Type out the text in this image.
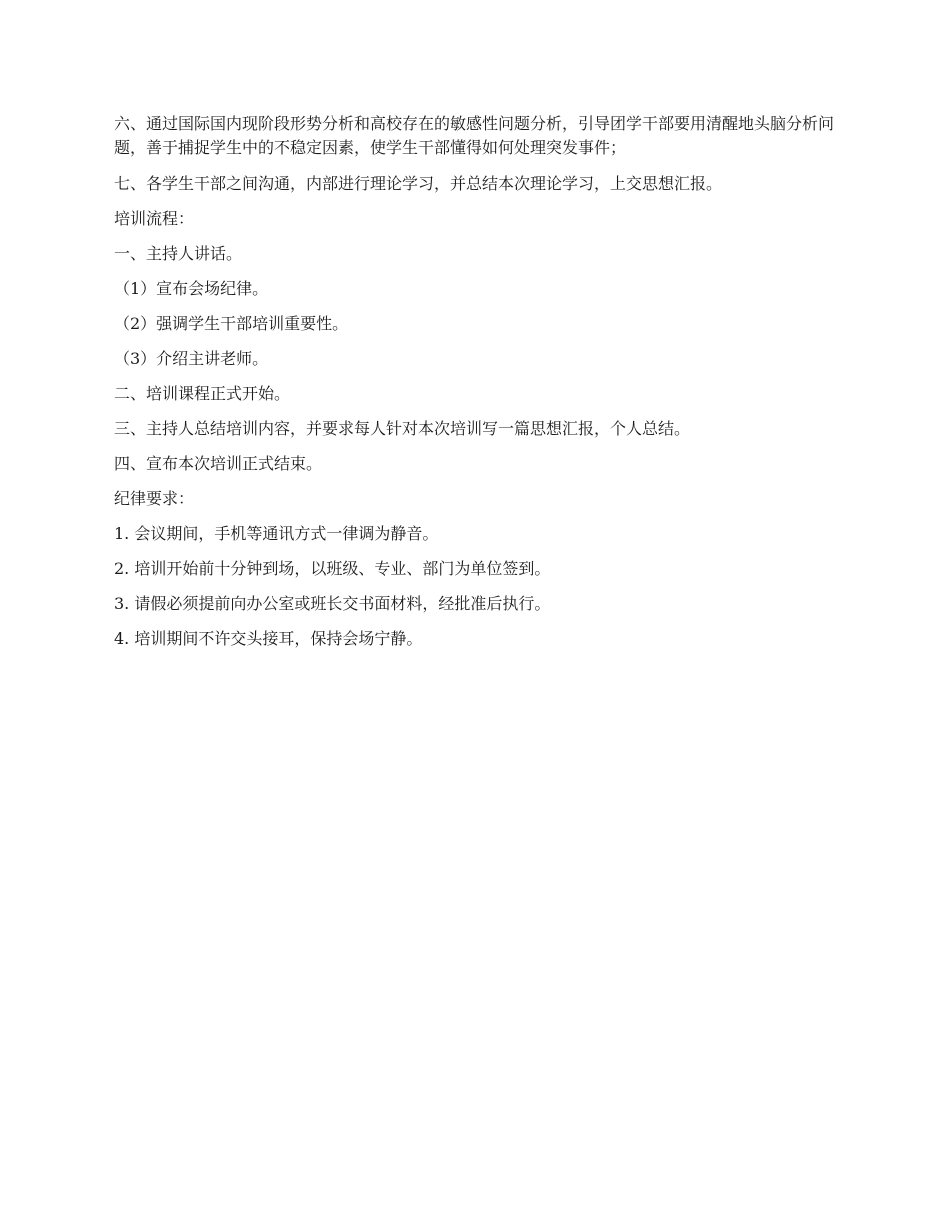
六、通过国际国内现阶段形势分析和高校存在的敏感性问题分析，引导团学干部要用清醒地头脑分析问题，善于捕捉学生中的不稳定因素，使学生干部懂得如何处理突发事件；

七、各学生干部之间沟通，内部进行理论学习，并总结本次理论学习，上交思想汇报。

培训流程：

一、主持人讲话。

（1）宣布会场纪律。

（2）强调学生干部培训重要性。

（3）介绍主讲老师。

二、培训课程正式开始。

三、主持人总结培训内容，并要求每人针对本次培训写一篇思想汇报，个人总结。

四、宣布本次培训正式结束。

纪律要求：

1. 会议期间，手机等通讯方式一律调为静音。

2. 培训开始前十分钟到场，以班级、专业、部门为单位签到。

3. 请假必须提前向办公室或班长交书面材料，经批准后执行。

4. 培训期间不许交头接耳，保持会场宁静。
